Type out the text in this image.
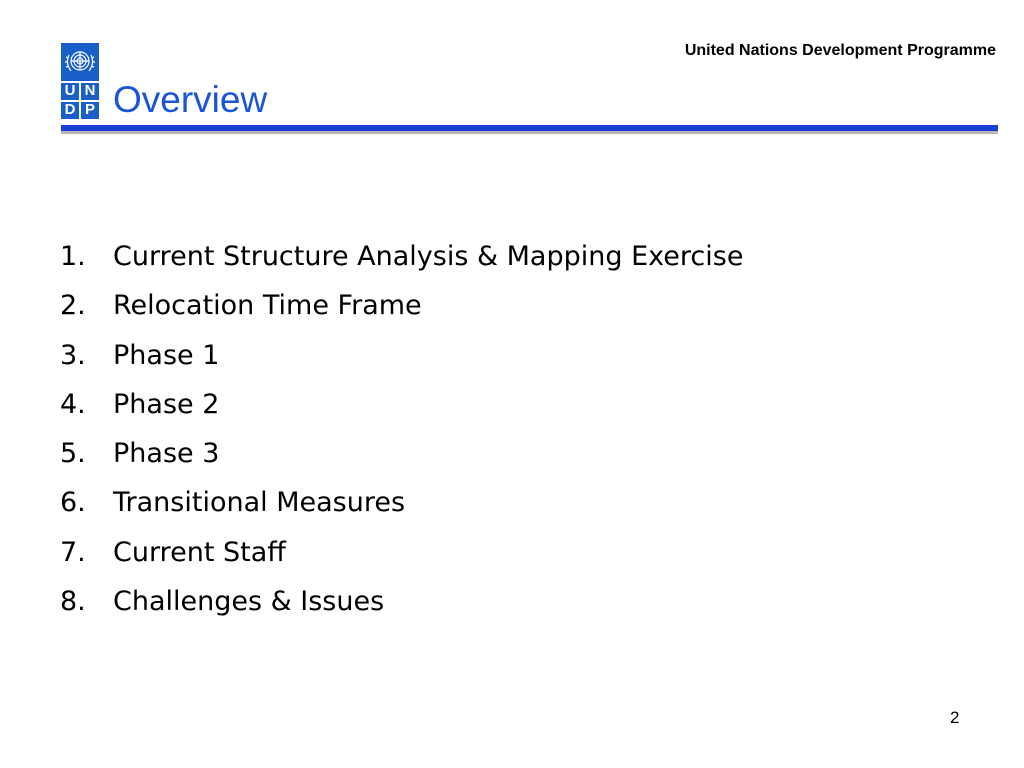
U N
D P
United Nations Development Programme
Overview
1. Current Structure Analysis & Mapping Exercise
2. Relocation Time Frame
3. Phase 1
4. Phase 2
5. Phase 3
6. Transitional Measures
7. Current Staff
8. Challenges & Issues
2
